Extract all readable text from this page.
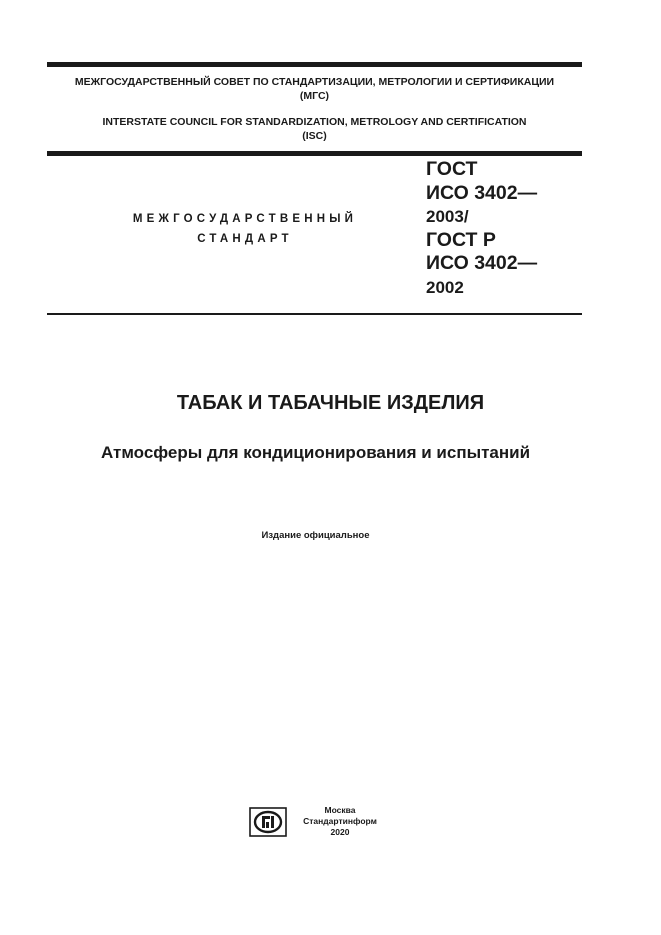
МЕЖГОСУДАРСТВЕННЫЙ СОВЕТ ПО СТАНДАРТИЗАЦИИ, МЕТРОЛОГИИ И СЕРТИФИКАЦИИ
(МГС)
INTERSTATE COUNCIL FOR STANDARDIZATION, METROLOGY AND CERTIFICATION
(ISC)
МЕЖГОСУДАРСТВЕННЫЙ
СТАНДАРТ
ГОСТ
ИСО 3402—
2003/
ГОСТ Р
ИСО 3402—
2002
ТАБАК И ТАБАЧНЫЕ ИЗДЕЛИЯ
Атмосферы для кондиционирования и испытаний
Издание официальное
Москва
Стандартинформ
2020
